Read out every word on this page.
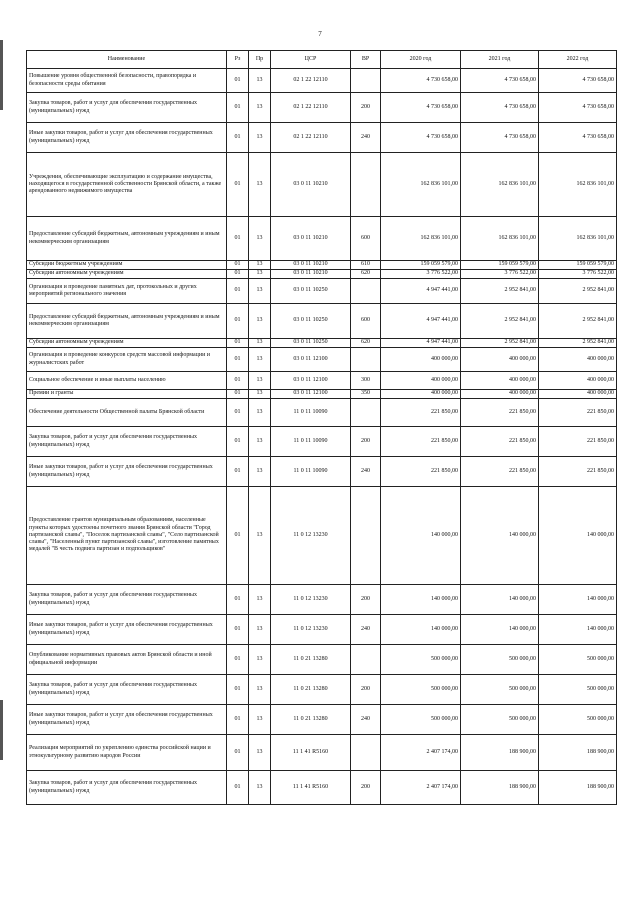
7
Наименование	Рз	Пр	ЦСР	ВР	2020 год	2021 год	2022 год
Повышение уровня общественной безопасности, правопорядка и безопасности среды обитания	01	13	02 1 22 12110		4 730 658,00	4 730 658,00	4 730 658,00
Закупка товаров, работ и услуг для обеспечения государственных (муниципальных) нужд	01	13	02 1 22 12110	200	4 730 658,00	4 730 658,00	4 730 658,00
Иные закупки товаров, работ и услуг для обеспечения государственных (муниципальных) нужд	01	13	02 1 22 12110	240	4 730 658,00	4 730 658,00	4 730 658,00
Учреждения, обеспечивающие эксплуатацию и содержание имущества, находящегося в государственной собственности Брянской области, а также арендованного недвижимого имущества	01	13	03 0 11 10210		162 836 101,00	162 836 101,00	162 836 101,00
Предоставление субсидий бюджетным, автономным учреждениям и иным некоммерческим организациям	01	13	03 0 11 10210	600	162 836 101,00	162 836 101,00	162 836 101,00
Субсидии бюджетным учреждениям	01	13	03 0 11 10210	610	159 059 579,00	159 059 579,00	159 059 579,00
Субсидии автономным учреждениям	01	13	03 0 11 10210	620	3 776 522,00	3 776 522,00	3 776 522,00
Организация и проведение памятных дат, протокольных и других мероприятий регионального значения	01	13	03 0 11 10250		4 947 441,00	2 952 841,00	2 952 841,00
Предоставление субсидий бюджетным, автономным учреждениям и иным некоммерческим организациям	01	13	03 0 11 10250	600	4 947 441,00	2 952 841,00	2 952 841,00
Субсидии автономным учреждениям	01	13	03 0 11 10250	620	4 947 441,00	2 952 841,00	2 952 841,00
Организация и проведение конкурсов средств массовой информации и журналистских работ	01	13	03 0 11 12100		400 000,00	400 000,00	400 000,00
Социальное обеспечение и иные выплаты населению	01	13	03 0 11 12100	300	400 000,00	400 000,00	400 000,00
Премии и гранты	01	13	03 0 11 12100	350	400 000,00	400 000,00	400 000,00
Обеспечение деятельности Общественной палаты Брянской области	01	13	11 0 11 10090		221 850,00	221 850,00	221 850,00
Закупка товаров, работ и услуг для обеспечения государственных (муниципальных) нужд	01	13	11 0 11 10090	200	221 850,00	221 850,00	221 850,00
Иные закупки товаров, работ и услуг для обеспечения государственных (муниципальных) нужд	01	13	11 0 11 10090	240	221 850,00	221 850,00	221 850,00
Предоставление грантов муниципальным образованиям, населенные пункты которых удостоены почетного звания Брянской области "Город партизанской славы", "Поселок партизанской славы", "Село партизанской славы", "Населенный пункт партизанской славы", изготовление памятных медалей "В честь подвига партизан и подпольщиков"	01	13	11 0 12 13230		140 000,00	140 000,00	140 000,00
Закупка товаров, работ и услуг для обеспечения государственных (муниципальных) нужд	01	13	11 0 12 13230	200	140 000,00	140 000,00	140 000,00
Иные закупки товаров, работ и услуг для обеспечения государственных (муниципальных) нужд	01	13	11 0 12 13230	240	140 000,00	140 000,00	140 000,00
Опубликование нормативных правовых актов Брянской области и иной официальной информации	01	13	11 0 21 13280		500 000,00	500 000,00	500 000,00
Закупка товаров, работ и услуг для обеспечения государственных (муниципальных) нужд	01	13	11 0 21 13280	200	500 000,00	500 000,00	500 000,00
Иные закупки товаров, работ и услуг для обеспечения государственных (муниципальных) нужд	01	13	11 0 21 13280	240	500 000,00	500 000,00	500 000,00
Реализация мероприятий по укреплению единства российской нации и этнокультурному развитию народов России	01	13	11 1 41 R5160		2 407 174,00	188 900,00	188 900,00
Закупка товаров, работ и услуг для обеспечения государственных (муниципальных) нужд	01	13	11 1 41 R5160	200	2 407 174,00	188 900,00	188 900,00
